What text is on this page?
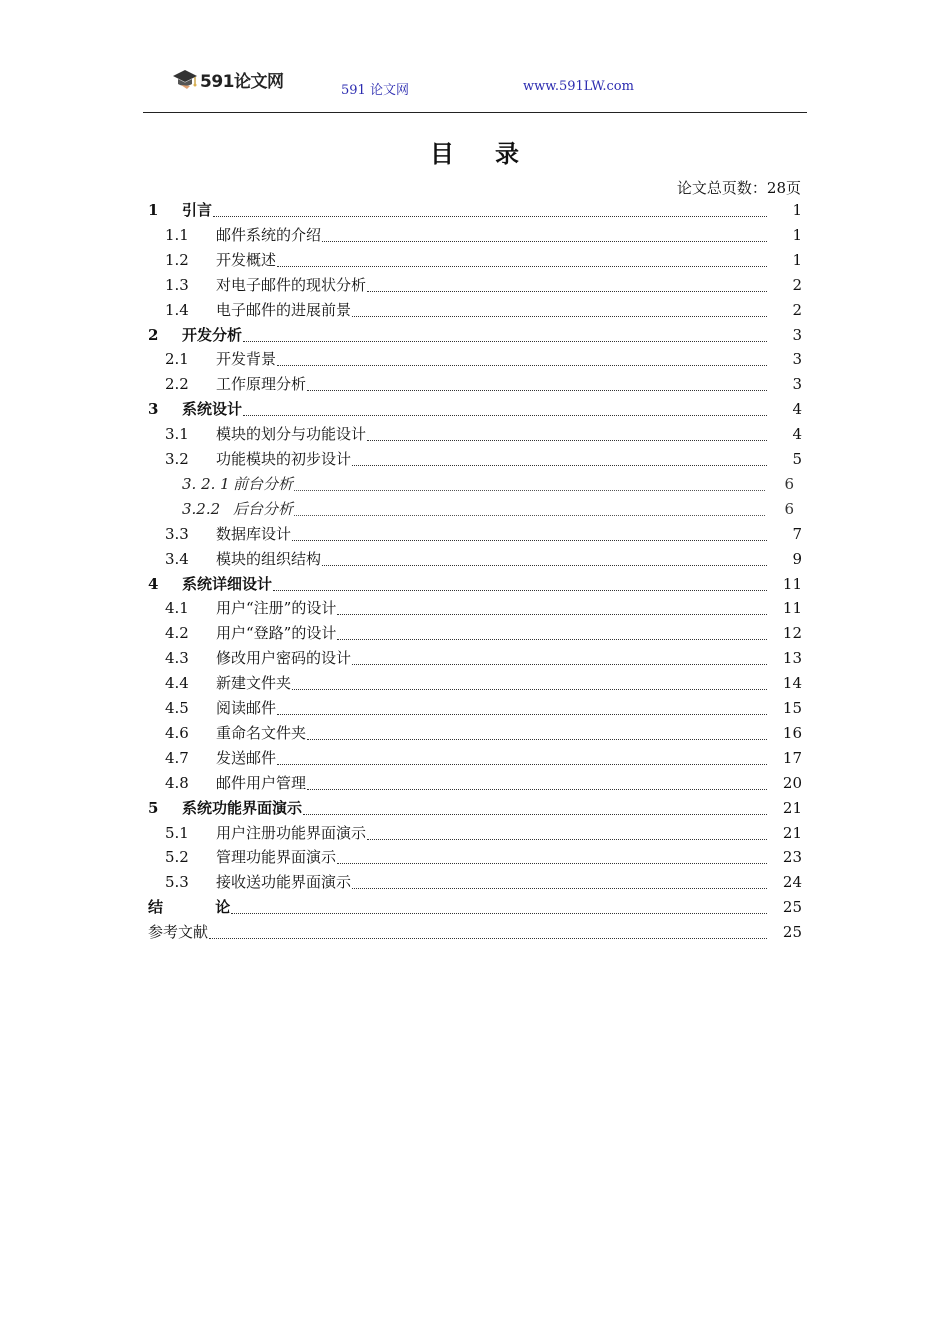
591论文网	591 论文网	www.591LW.com
目 录
论文总页数：28页
1	引言	1
1.1	邮件系统的介绍	1
1.2	开发概述	1
1.3	对电子邮件的现状分析	2
1.4	电子邮件的进展前景	2
2	开发分析	3
2.1	开发背景	3
2.2	工作原理分析	3
3	系统设计	4
3.1	模块的划分与功能设计	4
3.2	功能模块的初步设计	5
3. 2. 1 前台分析	6
3.2.2 后台分析	6
3.3	数据库设计	7
3.4	模块的组织结构	9
4	系统详细设计	11
4.1	用户“注册”的设计	11
4.2	用户“登路”的设计	12
4.3	修改用户密码的设计	13
4.4	新建文件夹	14
4.5	阅读邮件	15
4.6	重命名文件夹	16
4.7	发送邮件	17
4.8	邮件用户管理	20
5	系统功能界面演示	21
5.1	用户注册功能界面演示	21
5.2	管理功能界面演示	23
5.3	接收送功能界面演示	24
结          论	25
参考文献	25
